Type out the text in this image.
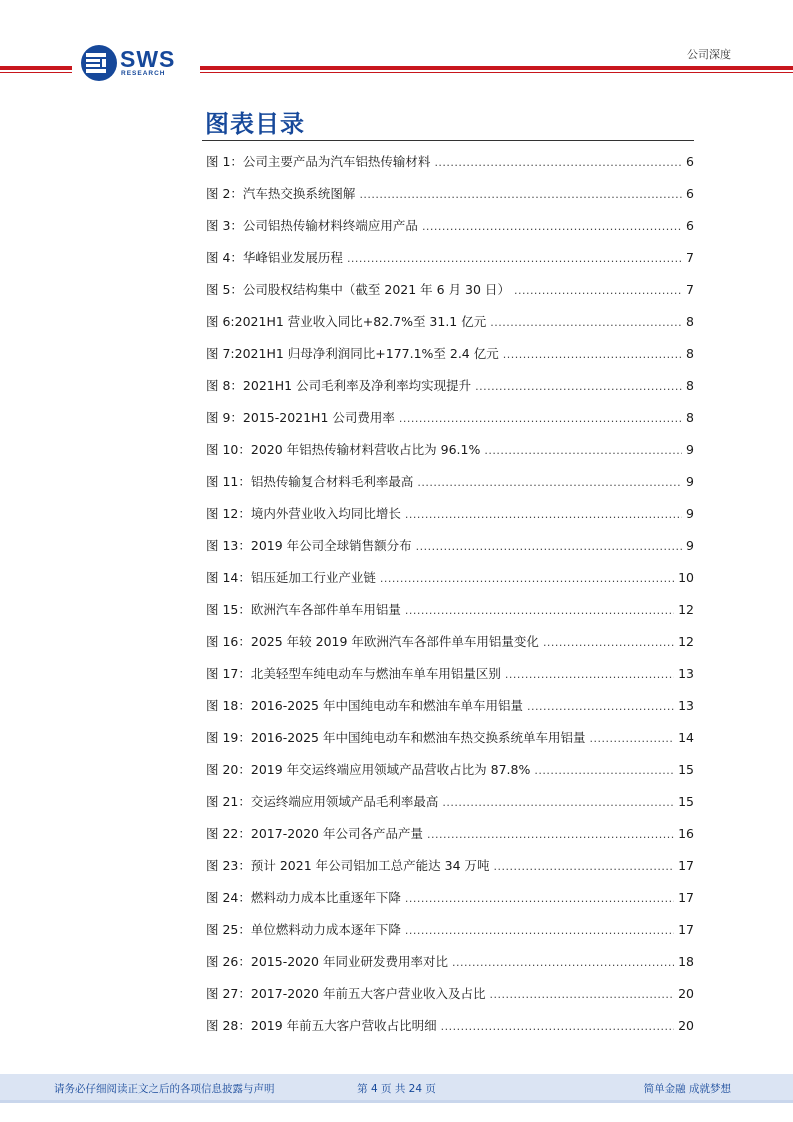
SWS
RESEARCH
公司深度
图表目录
图 1：公司主要产品为汽车铝热传输材料 .....	6
图 2：汽车热交换系统图解 .....	6
图 3：公司铝热传输材料终端应用产品 .....	6
图 4：华峰铝业发展历程 .....	7
图 5：公司股权结构集中（截至 2021 年 6 月 30 日） .....	7
图 6:2021H1 营业收入同比+82.7%至 31.1 亿元 .....	8
图 7:2021H1 归母净利润同比+177.1%至 2.4 亿元 .....	8
图 8：2021H1 公司毛利率及净利率均实现提升 .....	8
图 9：2015-2021H1 公司费用率 .....	8
图 10：2020 年铝热传输材料营收占比为 96.1% .....	9
图 11：铝热传输复合材料毛利率最高 .....	9
图 12：境内外营业收入均同比增长 .....	9
图 13：2019 年公司全球销售额分布 .....	9
图 14：铝压延加工行业产业链 .....	10
图 15：欧洲汽车各部件单车用铝量 .....	12
图 16：2025 年较 2019 年欧洲汽车各部件单车用铝量变化 .....	12
图 17：北美轻型车纯电动车与燃油车单车用铝量区别 .....	13
图 18：2016-2025 年中国纯电动车和燃油车单车用铝量 .....	13
图 19：2016-2025 年中国纯电动车和燃油车热交换系统单车用铝量 .....	14
图 20：2019 年交运终端应用领域产品营收占比为 87.8% .....	15
图 21：交运终端应用领域产品毛利率最高 .....	15
图 22：2017-2020 年公司各产品产量 .....	16
图 23：预计 2021 年公司铝加工总产能达 34 万吨 .....	17
图 24：燃料动力成本比重逐年下降 .....	17
图 25：单位燃料动力成本逐年下降 .....	17
图 26：2015-2020 年同业研发费用率对比 .....	18
图 27：2017-2020 年前五大客户营业收入及占比 .....	20
图 28：2019 年前五大客户营收占比明细 .....	20
请务必仔细阅读正文之后的各项信息披露与声明	第 4 页 共 24 页	简单金融 成就梦想
